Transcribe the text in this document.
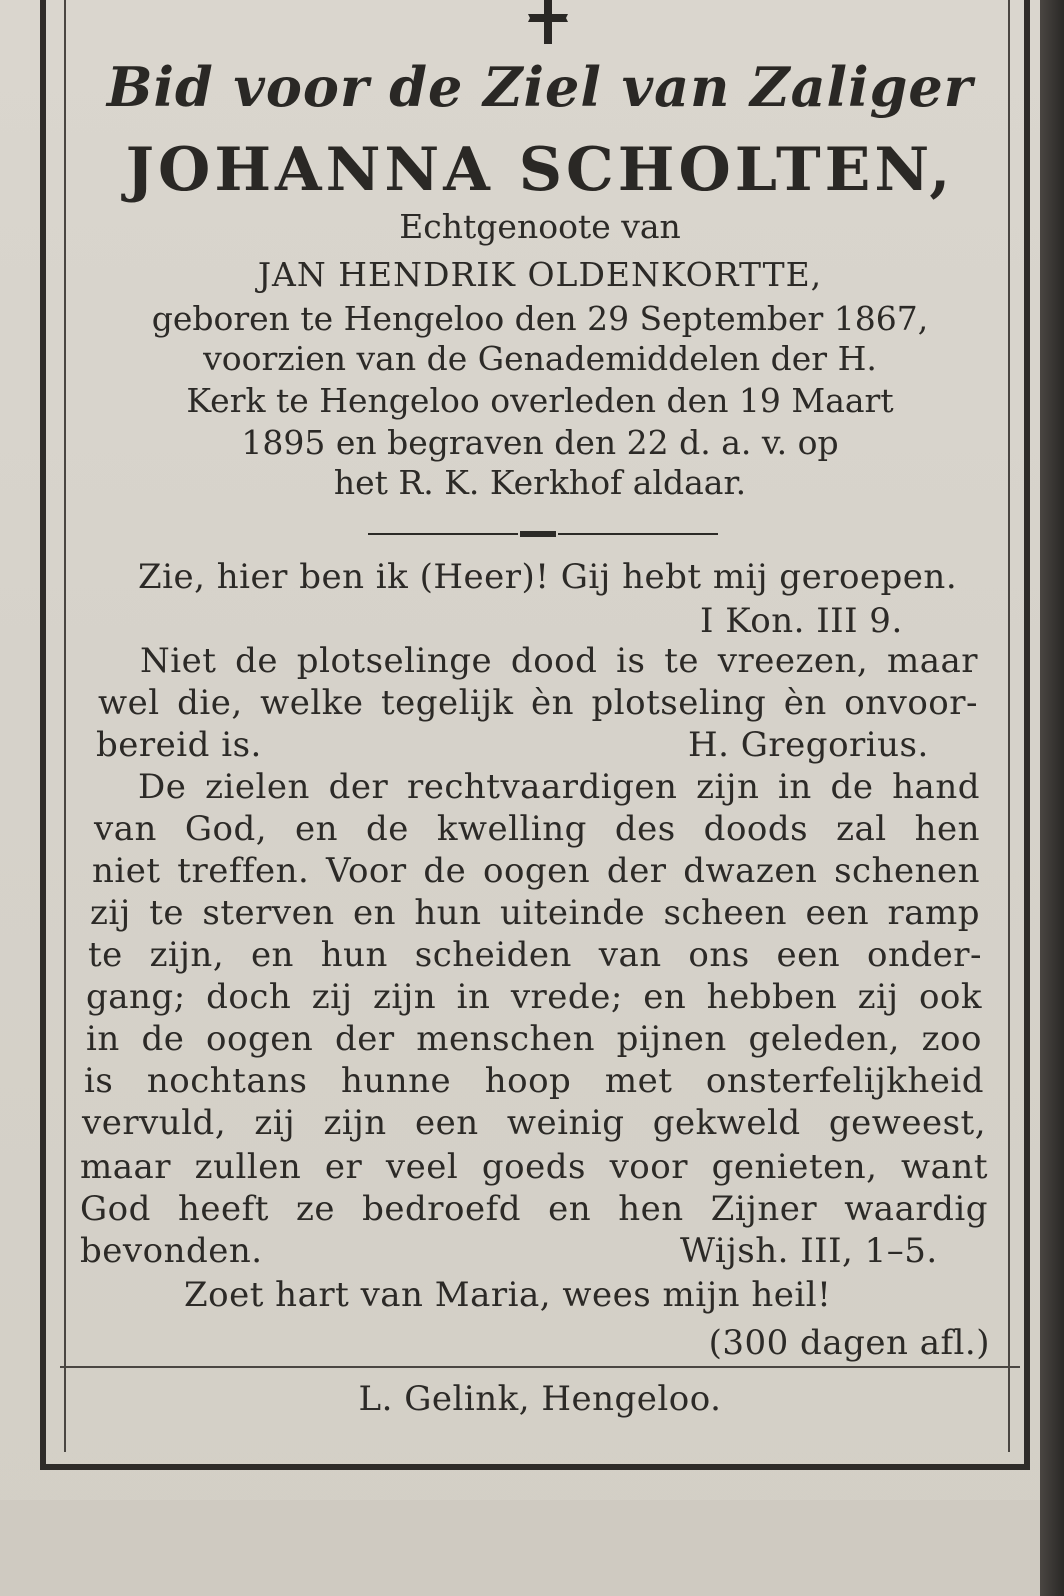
Bid voor de Ziel van Zaliger
JOHANNA SCHOLTEN,
Echtgenoote van
JAN HENDRIK OLDENKORTTE,
geboren te Hengeloo den 29 September 1867,
voorzien van de Genademiddelen der H.
Kerk te Hengeloo overleden den 19 Maart
1895 en begraven den 22 d. a. v. op
het R. K. Kerkhof aldaar.
Zie, hier ben ik (Heer)! Gij hebt mij geroepen.
I Kon. III 9.
Niet de plotselinge dood is te vreezen, maar
wel die, welke tegelijk èn plotseling èn onvoor-
bereid is.	H. Gregorius.
De zielen der rechtvaardigen zijn in de hand
van God, en de kwelling des doods zal hen
niet treffen. Voor de oogen der dwazen schenen
zij te sterven en hun uiteinde scheen een ramp
te zijn, en hun scheiden van ons een onder-
gang; doch zij zijn in vrede; en hebben zij ook
in de oogen der menschen pijnen geleden, zoo
is nochtans hunne hoop met onsterfelijkheid
vervuld, zij zijn een weinig gekweld geweest,
maar zullen er veel goeds voor genieten, want
God heeft ze bedroefd en hen Zijner waardig
bevonden.	Wijsh. III, 1–5.
Zoet hart van Maria, wees mijn heil!
(300 dagen afl.)
L. Gelink, Hengeloo.
